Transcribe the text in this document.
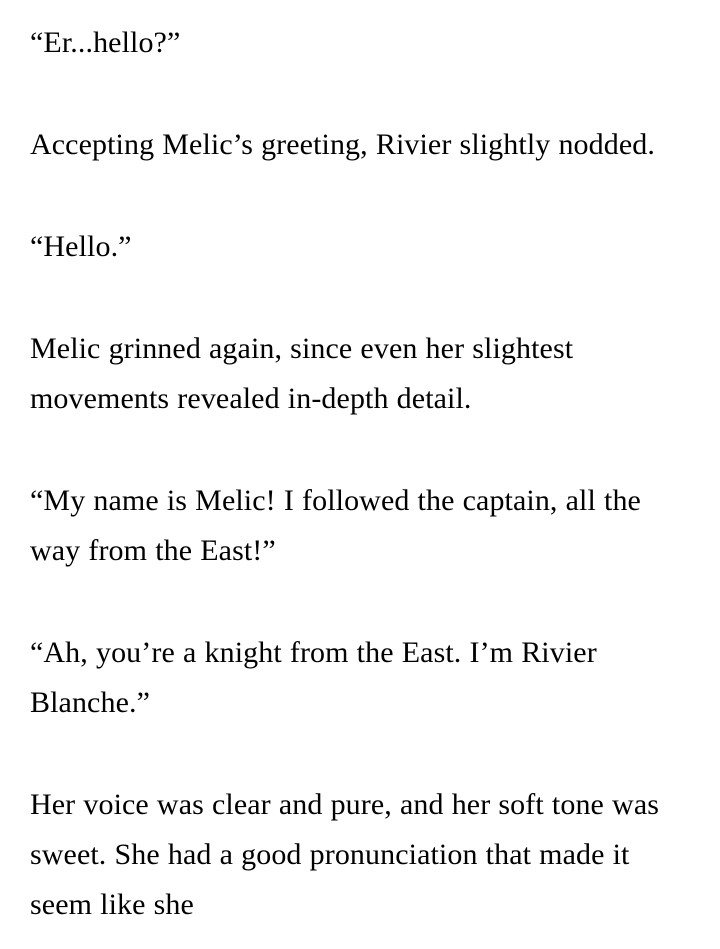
“Er...hello?”

Accepting Melic’s greeting, Rivier slightly nodded.

“Hello.”

Melic grinned again, since even her slightest movements revealed in-depth detail.

“My name is Melic! I followed the captain, all the way from the East!”

“Ah, you’re a knight from the East. I’m Rivier Blanche.”

Her voice was clear and pure, and her soft tone was sweet. She had a good pronunciation that made it seem like she
